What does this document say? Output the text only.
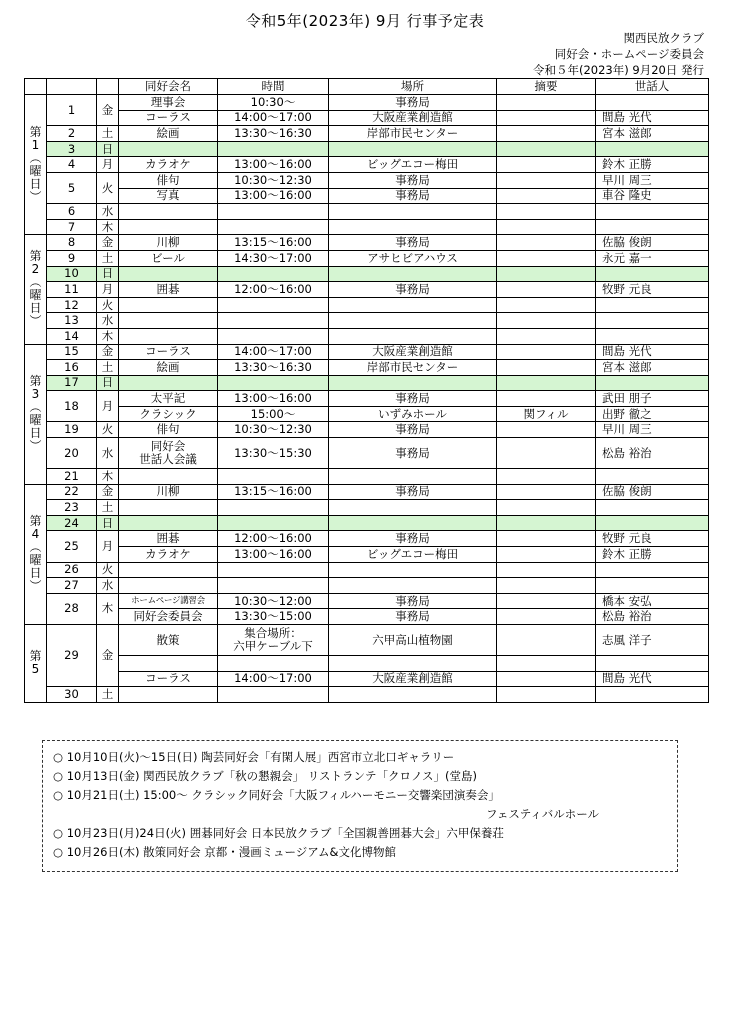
令和5年(2023年) 9月 行事予定表
関西民放クラブ
同好会・ホームページ委員会
令和５年(2023年) 9月20日 発行
			同好会名	時間	場所	摘要	世話人
第 1 ︵ 曜 日 ︶	1	金	理事会	10:30～	事務局		
			コーラス	14:00～17:00	大阪産業創造館		間島 光代
	2	土	絵画	13:30～16:30	岸部市民センター		宮本 滋郎
	3	日					
	4	月	カラオケ	13:00～16:00	ビッグエコー梅田		鈴木 正勝
	5	火	俳句	10:30～12:30	事務局		早川 周三
			写真	13:00～16:00	事務局		車谷 隆史
	6	水					
	7	木					
第 2 ︵ 曜 日 ︶	8	金	川柳	13:15～16:00	事務局		佐脇 俊朗
	9	土	ビール	14:30～17:00	アサヒビアハウス		永元 嘉一
	10	日					
	11	月	囲碁	12:00～16:00	事務局		牧野 元良
	12	火					
	13	水					
	14	木					
第 3 ︵ 曜 日 ︶	15	金	コーラス	14:00～17:00	大阪産業創造館		間島 光代
	16	土	絵画	13:30～16:30	岸部市民センター		宮本 滋郎
	17	日					
	18	月	太平記	13:00～16:00	事務局		武田 朋子
			クラシック	15:00～	いずみホール	関フィル	出野 徹之
	19	火	俳句	10:30～12:30	事務局		早川 周三
	20	水	同好会
世話人会議	13:30～15:30	事務局		松島 裕治
	21	木					
第 4 ︵ 曜 日 ︶	22	金	川柳	13:15～16:00	事務局		佐脇 俊朗
	23	土					
	24	日					
	25	月	囲碁	12:00～16:00	事務局		牧野 元良
			カラオケ	13:00～16:00	ビッグエコー梅田		鈴木 正勝
	26	火					
	27	水					
	28	木	ホームページ講習会	10:30～12:00	事務局		橋本 安弘
			同好会委員会	13:30～15:00	事務局		松島 裕治
第 5	29	金	散策	集合場所：
六甲ケーブル下	六甲高山植物園		志風 洋子

			コーラス	14:00～17:00	大阪産業創造館		間島 光代
	30	土					
○ 10月10日(火)～15日(日) 陶芸同好会「有閑人展」西宮市立北口ギャラリー
○ 10月13日(金) 関西民放クラブ「秋の懇親会」 リストランテ「クロノス」(堂島)
○ 10月21日(土) 15:00～ クラシック同好会「大阪フィルハーモニー交響楽団演奏会」
フェスティバルホール
○ 10月23日(月)24日(火) 囲碁同好会 日本民放クラブ「全国親善囲碁大会」六甲保養荘
○ 10月26日(木) 散策同好会 京都・漫画ミュージアム&文化博物館
